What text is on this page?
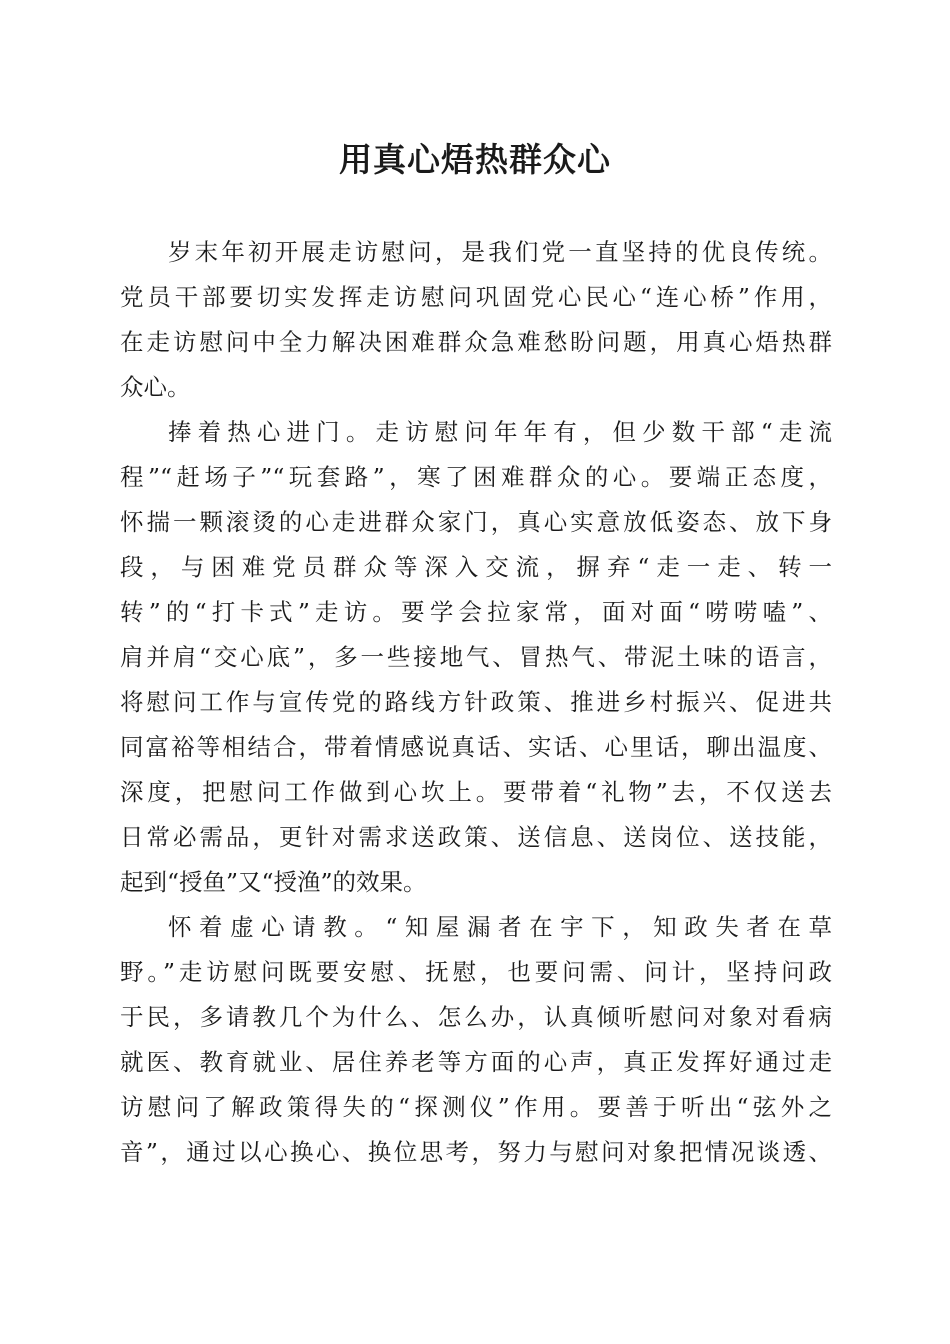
用真心焐热群众心
岁末年初开展走访慰问，是我们党一直坚持的优良传统。
党员干部要切实发挥走访慰问巩固党心民心“连心桥”作用，
在走访慰问中全力解决困难群众急难愁盼问题，用真心焐热群
众心。
捧着热心进门。走访慰问年年有，但少数干部“走流
程”“赶场子”“玩套路”，寒了困难群众的心。要端正态度，
怀揣一颗滚烫的心走进群众家门，真心实意放低姿态、放下身
段，与困难党员群众等深入交流，摒弃“走一走、转一
转”的“打卡式”走访。要学会拉家常，面对面“唠唠嗑”、
肩并肩“交心底”，多一些接地气、冒热气、带泥土味的语言，
将慰问工作与宣传党的路线方针政策、推进乡村振兴、促进共
同富裕等相结合，带着情感说真话、实话、心里话，聊出温度、
深度，把慰问工作做到心坎上。要带着“礼物”去，不仅送去
日常必需品，更针对需求送政策、送信息、送岗位、送技能，
起到“授鱼”又“授渔”的效果。
怀着虚心请教。“知屋漏者在宇下，知政失者在草
野。”走访慰问既要安慰、抚慰，也要问需、问计，坚持问政
于民，多请教几个为什么、怎么办，认真倾听慰问对象对看病
就医、教育就业、居住养老等方面的心声，真正发挥好通过走
访慰问了解政策得失的“探测仪”作用。要善于听出“弦外之
音”，通过以心换心、换位思考，努力与慰问对象把情况谈透、
